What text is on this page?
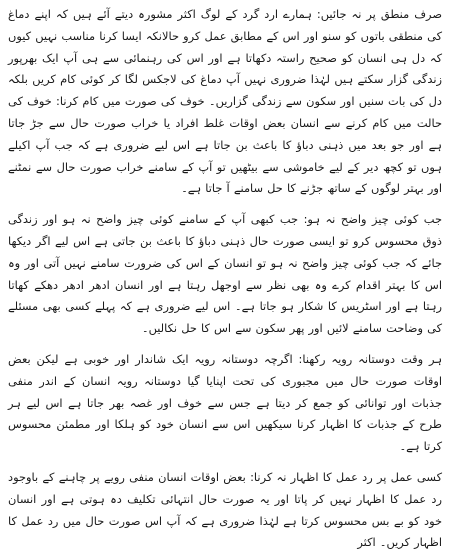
صرف منطق پر نہ جائیں: ہمارے ارد گرد کے لوگ اکثر مشورہ دیتے آئے ہیں کہ اپنے دماغ کی منطقی باتوں کو سنو اور اس کے مطابق عمل کرو حالانکہ ایسا کرنا مناسب نہیں کیوں کہ دل ہی انسان کو صحیح راستہ دکھاتا ہے اور اس کی رہنمائی سے ہی آپ ایک بھرپور زندگی گزار سکتے ہیں لہٰذا ضروری نہیں آپ دماغ کی لاجکس لگا کر کوئی کام کریں بلکہ دل کی بات سنیں اور سکون سے زندگی گزاریں۔ خوف کی صورت میں کام کرنا: خوف کی حالت میں کام کرنے سے انسان بعض اوقات غلط افراد یا خراب صورت حال سے جڑ جاتا ہے اور جو بعد میں ذہنی دباؤ کا باعث بن جاتا ہے اس لیے ضروری ہے کہ جب آپ اکیلے ہوں تو کچھ دیر کے لیے خاموشی سے بیٹھیں تو آپ کے سامنے خراب صورت حال سے نمٹنے اور بہتر لوگوں کے ساتھ جڑنے کا حل سامنے آ جاتا ہے۔

جب کوئی چیز واضح نہ ہو: جب کبھی آپ کے سامنے کوئی چیز واضح نہ ہو اور زندگی ذوق محسوس کرو تو ایسی صورت حال ذہنی دباؤ کا باعث بن جاتی ہے اس لیے اگر دیکھا جائے کہ جب کوئی چیز واضح نہ ہو تو انسان کے اس کی ضرورت سامنے نہیں آتی اور وہ اس کا بہتر اقدام کرے وہ بھی نظر سے اوجھل رہتا ہے اور انسان ادھر ادھر دھکے کھاتا رہتا ہے اور اسٹریس کا شکار ہو جاتا ہے۔ اس لیے ضروری ہے کہ پہلے کسی بھی مسئلے کی وضاحت سامنے لائیں اور پھر سکون سے اس کا حل نکالیں۔

ہر وقت دوستانہ رویہ رکھنا: اگرچہ دوستانہ رویہ ایک شاندار اور خوبی ہے لیکن بعض اوقات صورت حال میں مجبوری کی تحت اپنایا گیا دوستانہ رویہ انسان کے اندر منفی جذبات اور توانائی کو جمع کر دیتا ہے جس سے خوف اور غصہ بھر جاتا ہے اس لیے ہر طرح کے جذبات کا اظہار کرنا سیکھیں اس سے انسان خود کو ہلکا اور مطمئن محسوس کرتا ہے۔

کسی عمل پر رد عمل کا اظہار نہ کرنا: بعض اوقات انسان منفی رویے پر چاہنے کے باوجود رد عمل کا اظہار نہیں کر پاتا اور یہ صورت حال انتہائی تکلیف دہ ہوتی ہے اور انسان خود کو بے بس محسوس کرتا ہے لہٰذا ضروری ہے کہ آپ اس صورت حال میں رد عمل کا اظہار کریں۔ اکثر
